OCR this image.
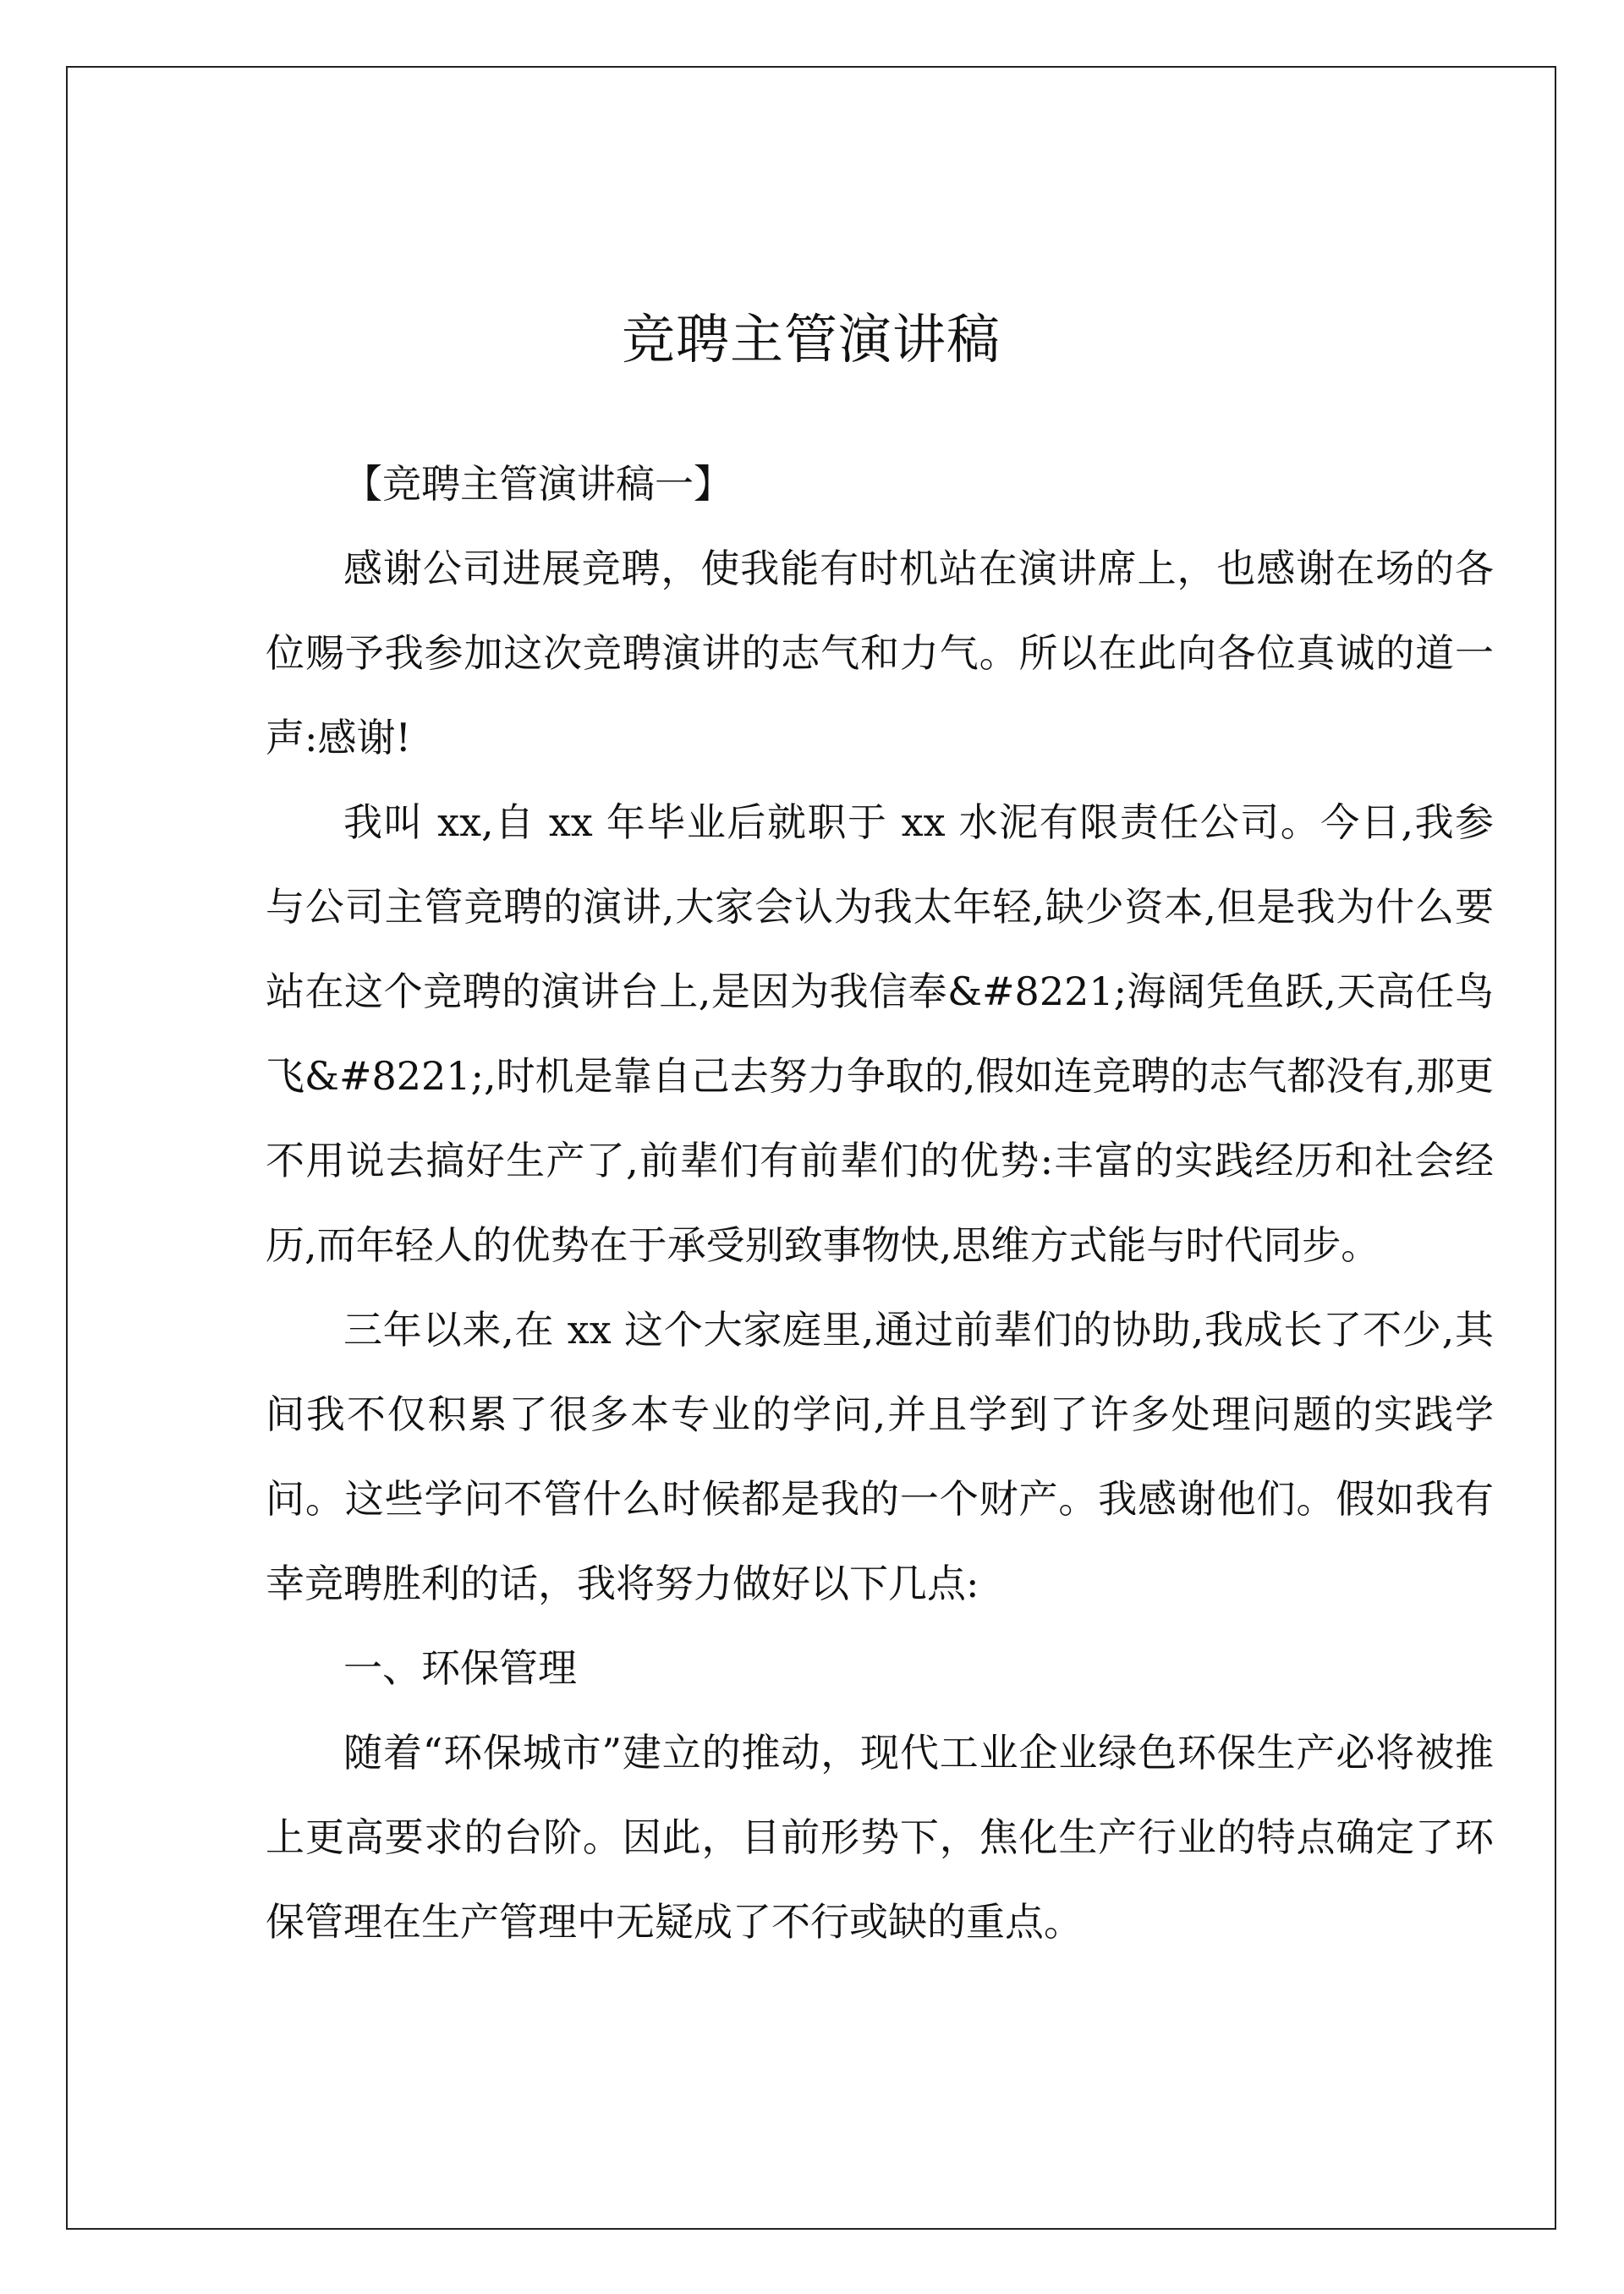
竞聘主管演讲稿

【竞聘主管演讲稿一】

感谢公司进展竞聘，使我能有时机站在演讲席上，也感谢在场的各位赐予我参加这次竞聘演讲的志气和力气。所以在此向各位真诚的道一声:感谢!

我叫 xx,自 xx 年毕业后就职于 xx 水泥有限责任公司。今日,我参与公司主管竞聘的演讲,大家会认为我太年轻,缺少资本,但是我为什么要站在这个竞聘的演讲台上,是因为我信奉&#8221;海阔凭鱼跃,天高任鸟飞&#8221;,时机是靠自己去努力争取的,假如连竞聘的志气都没有,那更不用说去搞好生产了,前辈们有前辈们的优势:丰富的实践经历和社会经历,而年轻人的优势在于承受别致事物快,思维方式能与时代同步。

三年以来,在 xx 这个大家庭里,通过前辈们的协助,我成长了不少,其间我不仅积累了很多本专业的学问,并且学到了许多处理问题的实践学问。这些学问不管什么时候都是我的一个财产。我感谢他们。假如我有幸竞聘胜利的话，我将努力做好以下几点:

一、环保管理

随着“环保城市”建立的推动，现代工业企业绿色环保生产必将被推上更高要求的台阶。因此，目前形势下，焦化生产行业的特点确定了环保管理在生产管理中无疑成了不行或缺的重点。
